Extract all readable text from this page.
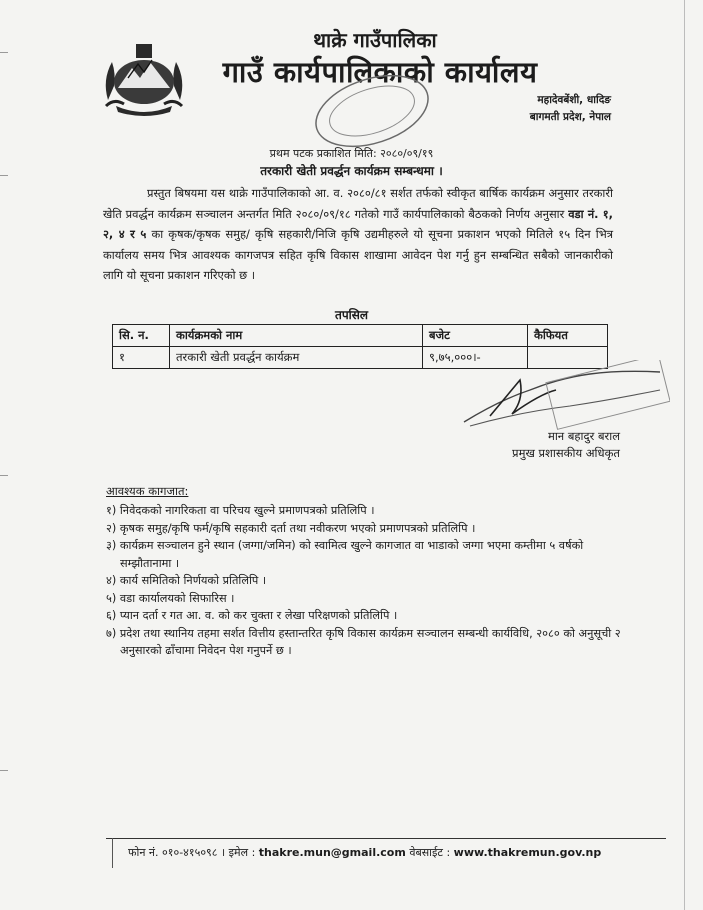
थाक्रे गाउँपालिका
गाउँ कार्यपालिकाको कार्यालय
महादेवबेंशी, धादिङ
बागमती प्रदेश, नेपाल
प्रथम पटक प्रकाशित मिति: २०८०/०९/१९
तरकारी खेती प्रवर्द्धन कार्यक्रम सम्बन्धमा ।
प्रस्तुत बिषयमा यस थाक्रे गाउँपालिकाको आ. व. २०८०/८१ सर्शत तर्फको स्वीकृत बार्षिक कार्यक्रम अनुसार तरकारी खेति प्रवर्द्धन कार्यक्रम सञ्चालन अन्तर्गत मिति २०८०/०९/१८ गतेको गाउँ कार्यपालिकाको बैठकको निर्णय अनुसार वडा नं. १, २, ४ र ५ का कृषक/कृषक समुह/ कृषि सहकारी/निजि कृषि उद्यमीहरुले यो सूचना प्रकाशन भएको मितिले १५ दिन भित्र कार्यालय समय भित्र आवश्यक कागजपत्र सहित कृषि विकास शाखामा आवेदन पेश गर्नु हुन सम्बन्धित सबैको जानकारीको लागि यो सूचना प्रकाशन गरिएको छ ।
तपसिल
सि. न.	कार्यक्रमको नाम	बजेट	कैफियत
१	तरकारी खेती प्रवर्द्धन कार्यक्रम	९,७५,०००।-	
मान बहादुर बराल
प्रमुख प्रशासकीय अधिकृत
आवश्यक कागजात:
१) निवेदकको नागरिकता वा परिचय खुल्ने प्रमाणपत्रको प्रतिलिपि ।
२) कृषक समुह/कृषि फर्म/कृषि सहकारी दर्ता तथा नवीकरण भएको प्रमाणपत्रको प्रतिलिपि ।
३) कार्यक्रम सञ्चालन हुने स्थान (जग्गा/जमिन) को स्वामित्व खुल्ने कागजात वा भाडाको जग्गा भएमा कम्तीमा ५ वर्षको सम्झौतानामा ।
४) कार्य समितिको निर्णयको प्रतिलिपि ।
५) वडा कार्यालयको सिफारिस ।
६) प्यान दर्ता र गत आ. व. को कर चुक्ता र लेखा परिक्षणको प्रतिलिपि ।
७) प्रदेश तथा स्थानिय तहमा सर्शत वित्तीय हस्तान्तरित कृषि विकास कार्यक्रम सञ्चालन सम्बन्धी कार्यविधि, २०८० को अनुसूची २ अनुसारको ढाँचामा निवेदन पेश गनुपर्ने छ ।
फोन नं. ०१०-४१५०९८ । इमेल : thakre.mun@gmail.com वेबसाईट : www.thakremun.gov.np
